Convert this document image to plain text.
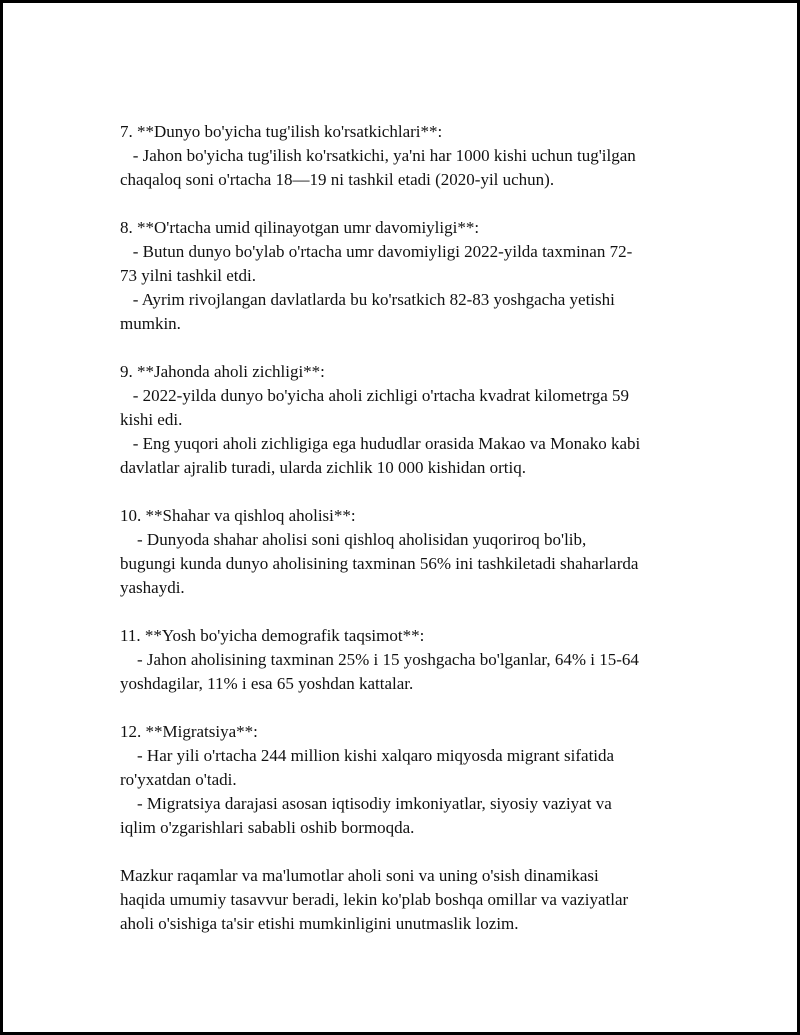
7. **Dunyo bo'yicha tug'ilish ko'rsatkichlari**:
- Jahon bo'yicha tug'ilish ko'rsatkichi, ya'ni har 1000 kishi uchun tug'ilgan
chaqaloq soni o'rtacha 18—19 ni tashkil etadi (2020-yil uchun).
8. **O'rtacha umid qilinayotgan umr davomiyligi**:
- Butun dunyo bo'ylab o'rtacha umr davomiyligi 2022-yilda taxminan 72-
73 yilni tashkil etdi.
- Ayrim rivojlangan davlatlarda bu ko'rsatkich 82-83 yoshgacha yetishi
mumkin.
9. **Jahonda aholi zichligi**:
- 2022-yilda dunyo bo'yicha aholi zichligi o'rtacha kvadrat kilometrga 59
kishi edi.
- Eng yuqori aholi zichligiga ega hududlar orasida Makao va Monako kabi
davlatlar ajralib turadi, ularda zichlik 10 000 kishidan ortiq.
10. **Shahar va qishloq aholisi**:
- Dunyoda shahar aholisi soni qishloq aholisidan yuqoriroq bo'lib,
bugungi kunda dunyo aholisining taxminan 56% ini tashkiletadi shaharlarda
yashaydi.
11. **Yosh bo'yicha demografik taqsimot**:
- Jahon aholisining taxminan 25% i 15 yoshgacha bo'lganlar, 64% i 15-64
yoshdagilar, 11% i esa 65 yoshdan kattalar.
12. **Migratsiya**:
- Har yili o'rtacha 244 million kishi xalqaro miqyosda migrant sifatida
ro'yxatdan o'tadi.
- Migratsiya darajasi asosan iqtisodiy imkoniyatlar, siyosiy vaziyat va
iqlim o'zgarishlari sababli oshib bormoqda.
Mazkur raqamlar va ma'lumotlar aholi soni va uning o'sish dinamikasi
haqida umumiy tasavvur beradi, lekin ko'plab boshqa omillar va vaziyatlar
aholi o'sishiga ta'sir etishi mumkinligini unutmaslik lozim.
